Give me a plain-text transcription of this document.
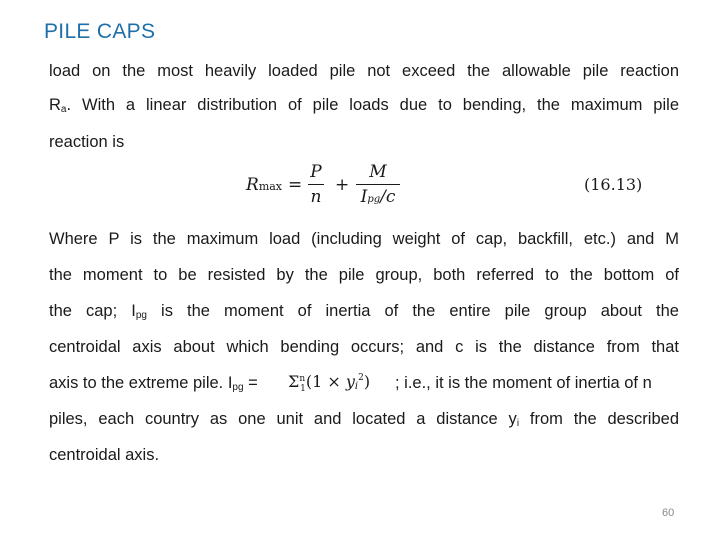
PILE CAPS
load on the most heavily loaded pile not exceed the allowable pile reaction
$R_a$. With a linear distribution of pile loads due to bending, the maximum pile
reaction is
Rmax =
P
n
+
M
Ipg/c
(16.13)
Where P is the maximum load (including weight of cap, backfill, etc.) and M
the moment to be resisted by the pile group, both referred to the bottom of
the cap; $I_{pg}$ is the moment of inertia of the entire pile group about the
centroidal axis about which bending occurs; and c is the distance from that
axis to the extreme pile. $I_{pg}$ =	; i.e., it is the moment of inertia of n
$\Sigma^n_1(1 \times y_i^2)$
piles, each country as one unit and located a distance $y_i$ from the described
centroidal axis.
60
